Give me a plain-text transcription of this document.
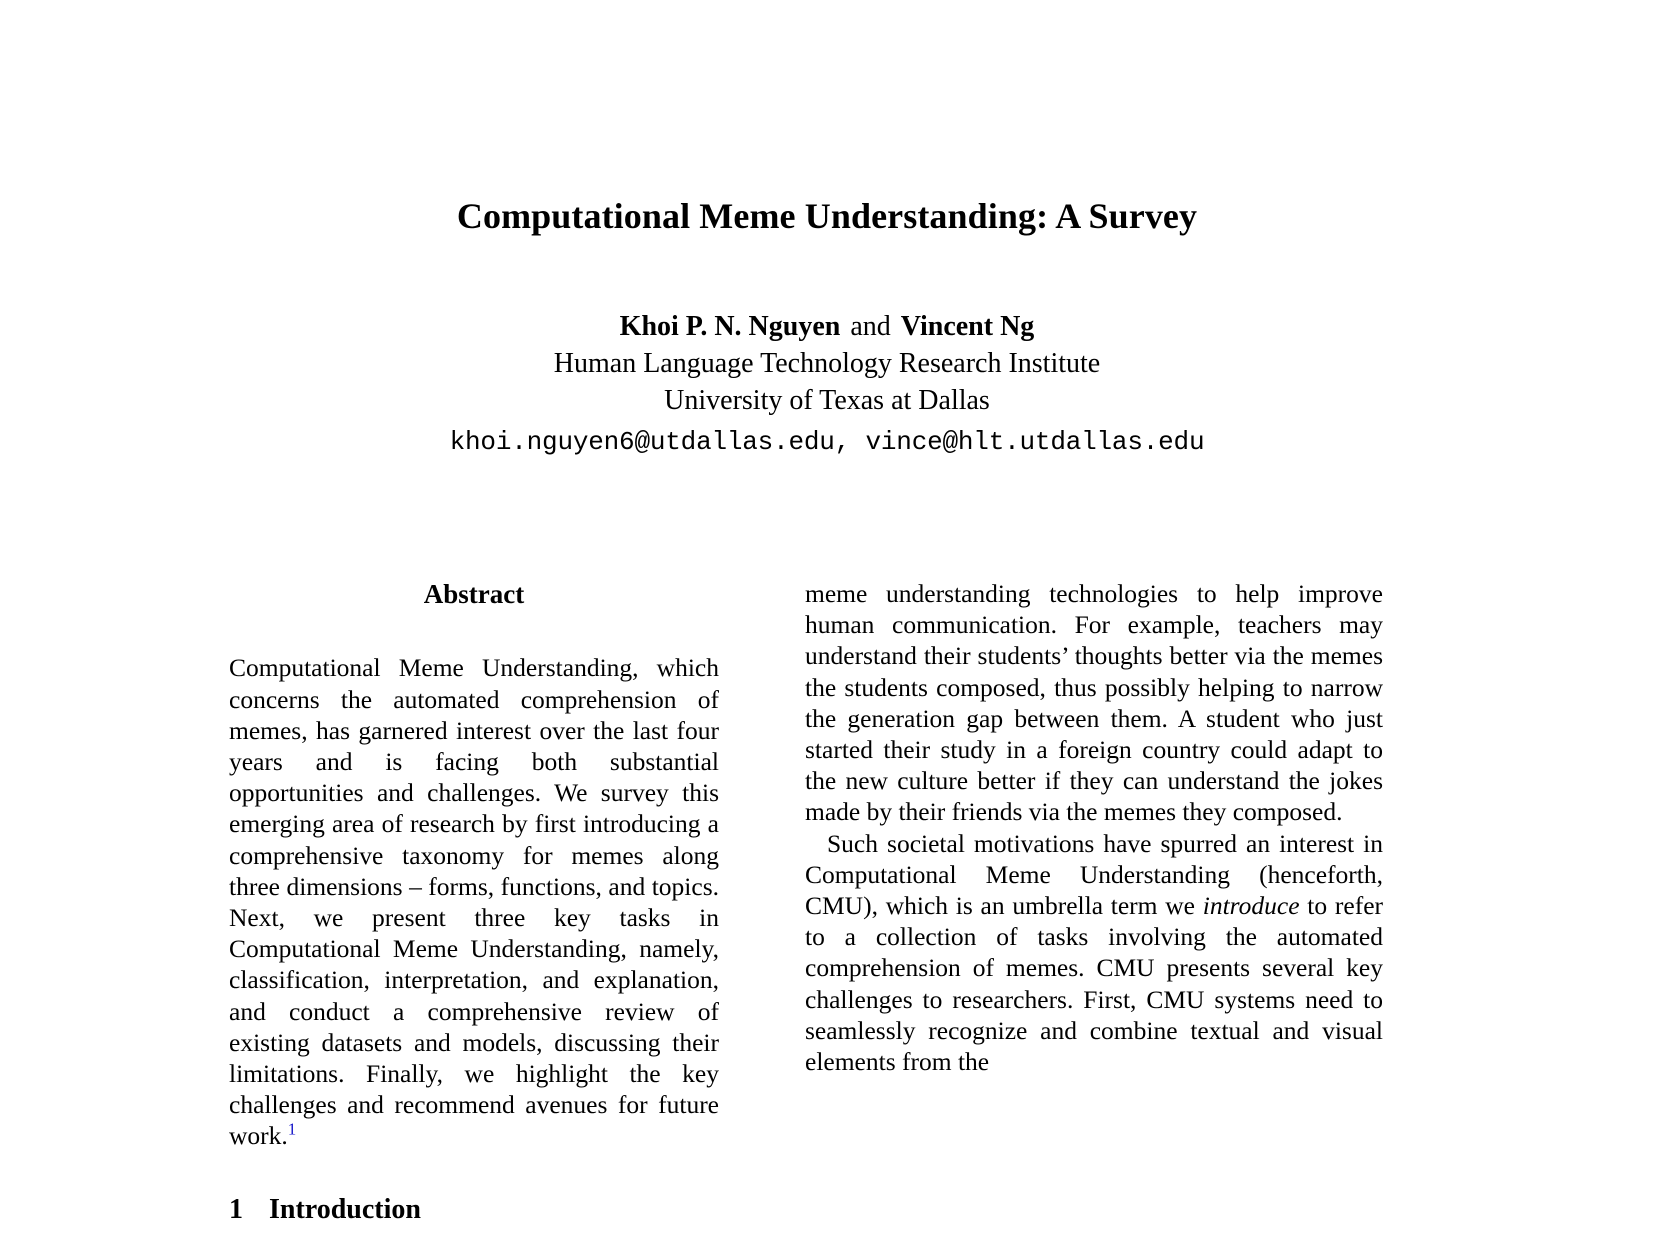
Computational Meme Understanding: A Survey

Khoi P. N. Nguyen and Vincent Ng

Human Language Technology Research Institute

University of Texas at Dallas

khoi.nguyen6@utdallas.edu, vince@hlt.utdallas.edu

Abstract

Computational Meme Understanding, which concerns the automated comprehension of memes, has garnered interest over the last four years and is facing both substantial opportunities and challenges. We survey this emerging area of research by first introducing a comprehensive taxonomy for memes along three dimensions – forms, functions, and topics. Next, we present three key tasks in Computational Meme Understanding, namely, classification, interpretation, and explanation, and conduct a comprehensive review of existing datasets and models, discussing their limitations. Finally, we highlight the key challenges and recommend avenues for future work.$^1$

1 Introduction

meme understanding technologies to help improve human communication. For example, teachers may understand their students’ thoughts better via the memes the students composed, thus possibly helping to narrow the generation gap between them. A student who just started their study in a foreign country could adapt to the new culture better if they can understand the jokes made by their friends via the memes they composed.

Such societal motivations have spurred an interest in Computational Meme Understanding (henceforth, CMU), which is an umbrella term we introduce to refer to a collection of tasks involving the automated comprehension of memes. CMU presents several key challenges to researchers. First, CMU systems need to seamlessly recognize and combine textual and visual elements from the
